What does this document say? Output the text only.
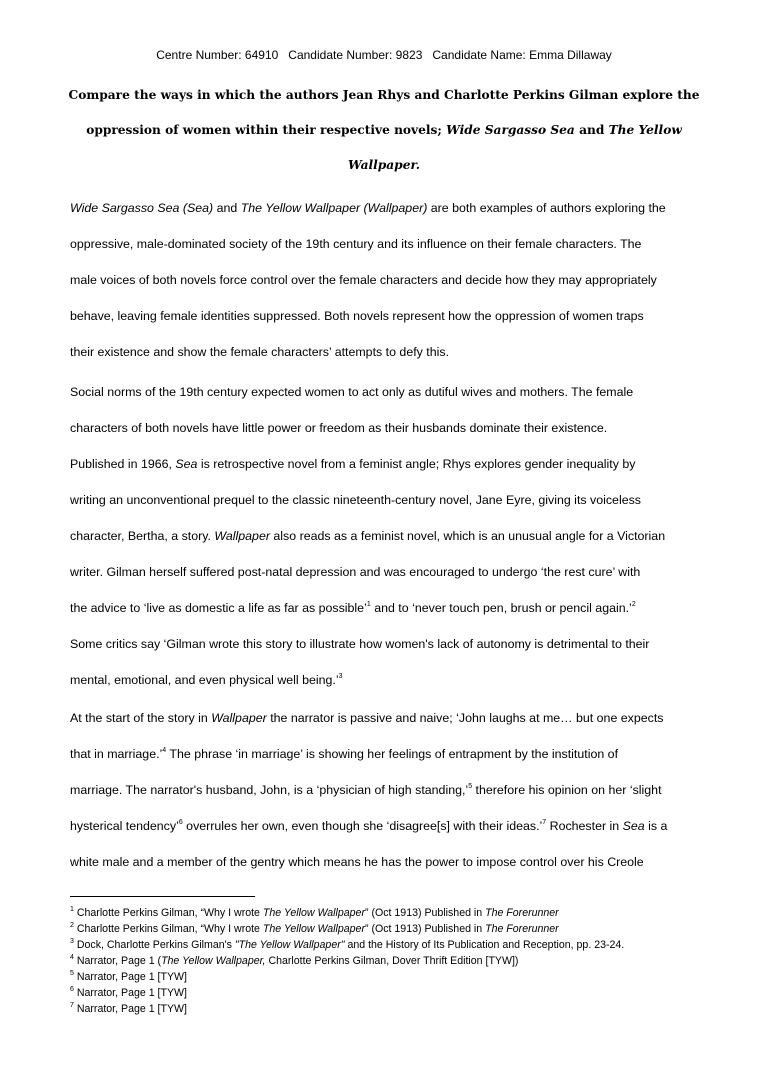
Centre Number: 64910   Candidate Number: 9823   Candidate Name: Emma Dillaway
Compare the ways in which the authors Jean Rhys and Charlotte Perkins Gilman explore the
oppression of women within their respective novels; Wide Sargasso Sea and The Yellow
Wallpaper.
Wide Sargasso Sea (Sea) and The Yellow Wallpaper (Wallpaper) are both examples of authors exploring the
oppressive, male-dominated society of the 19th century and its influence on their female characters. The
male voices of both novels force control over the female characters and decide how they may appropriately
behave, leaving female identities suppressed. Both novels represent how the oppression of women traps
their existence and show the female characters’ attempts to defy this.
Social norms of the 19th century expected women to act only as dutiful wives and mothers. The female
characters of both novels have little power or freedom as their husbands dominate their existence.
Published in 1966, Sea is retrospective novel from a feminist angle; Rhys explores gender inequality by
writing an unconventional prequel to the classic nineteenth-century novel, Jane Eyre, giving its voiceless
character, Bertha, a story. Wallpaper also reads as a feminist novel, which is an unusual angle for a Victorian
writer. Gilman herself suffered post-natal depression and was encouraged to undergo ‘the rest cure’ with
the advice to ‘live as domestic a life as far as possible’$^1$ and to ‘never touch pen, brush or pencil again.’$^2$
Some critics say ‘Gilman wrote this story to illustrate how women's lack of autonomy is detrimental to their
mental, emotional, and even physical well being.’$^3$
At the start of the story in Wallpaper the narrator is passive and naive; ‘John laughs at me… but one expects
that in marriage.’$^4$ The phrase ‘in marriage’ is showing her feelings of entrapment by the institution of
marriage. The narrator's husband, John, is a ‘physician of high standing,’$^5$ therefore his opinion on her ‘slight
hysterical tendency’$^6$ overrules her own, even though she ‘disagree[s] with their ideas.’$^7$ Rochester in Sea is a
white male and a member of the gentry which means he has the power to impose control over his Creole
$^1$ Charlotte Perkins Gilman, “Why I wrote The Yellow Wallpaper” (Oct 1913) Published in The Forerunner
$^2$ Charlotte Perkins Gilman, “Why I wrote The Yellow Wallpaper” (Oct 1913) Published in The Forerunner
$^3$ Dock, Charlotte Perkins Gilman's "The Yellow Wallpaper" and the History of Its Publication and Reception, pp. 23-24.
$^4$ Narrator, Page 1 (The Yellow Wallpaper, Charlotte Perkins Gilman, Dover Thrift Edition [TYW])
$^5$ Narrator, Page 1 [TYW]
$^6$ Narrator, Page 1 [TYW]
$^7$ Narrator, Page 1 [TYW]
